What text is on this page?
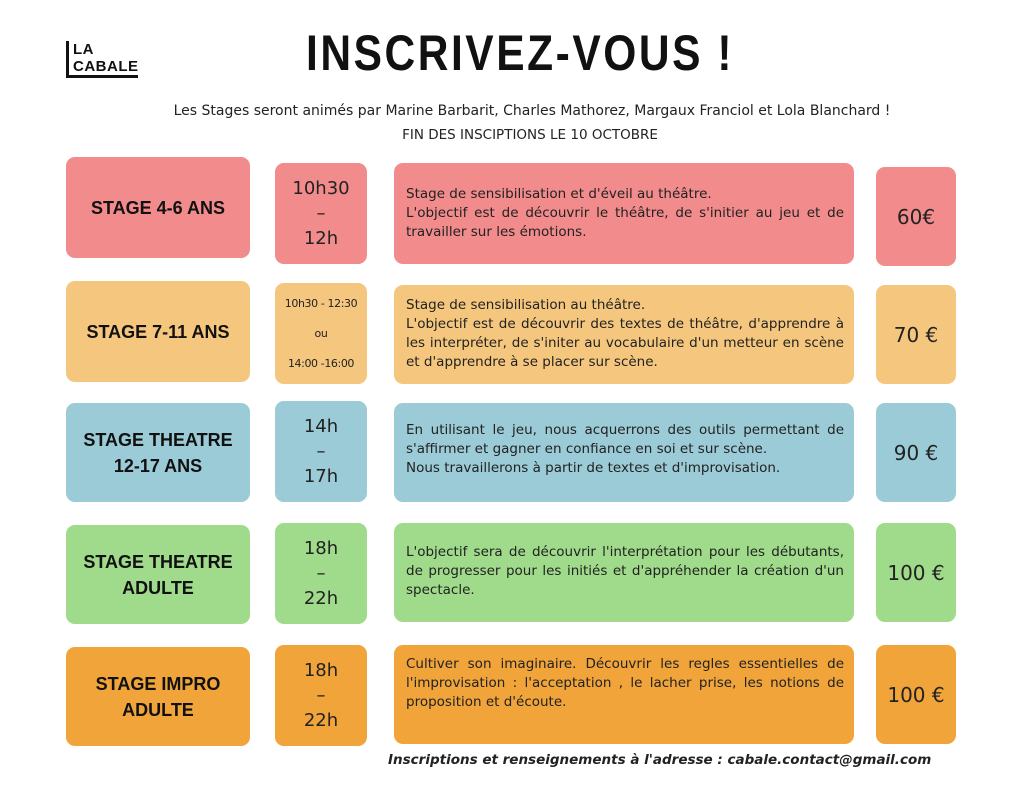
LA
CABALE	INSCRIVEZ-VOUS !
Les Stages seront animés par Marine Barbarit, Charles Mathorez, Margaux Franciol et Lola Blanchard !
FIN DES INSCIPTIONS LE 10 OCTOBRE
STAGE 4-6 ANS
10h30
–
12h
Stage de sensibilisation et d'éveil au théâtre.
L'objectif est de découvrir le théâtre, de s'initier au jeu et de travailler sur les émotions.
60€
STAGE 7-11 ANS
10h30 - 12:30
ou
14:00 -16:00
Stage de sensibilisation au théâtre.
L'objectif est de découvrir des textes de théâtre, d'apprendre à les interpréter, de s'initer au vocabulaire d'un metteur en scène et d'apprendre à se placer sur scène.
70 €
STAGE THEATRE
12-17 ANS
14h
–
17h
En utilisant le jeu, nous acquerrons des outils permettant de s'affirmer et gagner en confiance en soi et sur scène.
Nous travaillerons à partir de textes et d'improvisation.
90 €
STAGE THEATRE
ADULTE
18h
–
22h
L'objectif sera de découvrir l'interprétation pour les débutants, de progresser pour les initiés et d'appréhender la création d'un spectacle.
100 €
STAGE IMPRO
ADULTE
18h
–
22h
Cultiver son imaginaire. Découvrir les regles essentielles de l'improvisation : l'acceptation , le lacher prise, les notions de proposition et d'écoute.	100 €
Inscriptions et renseignements à l'adresse : cabale.contact@gmail.com
